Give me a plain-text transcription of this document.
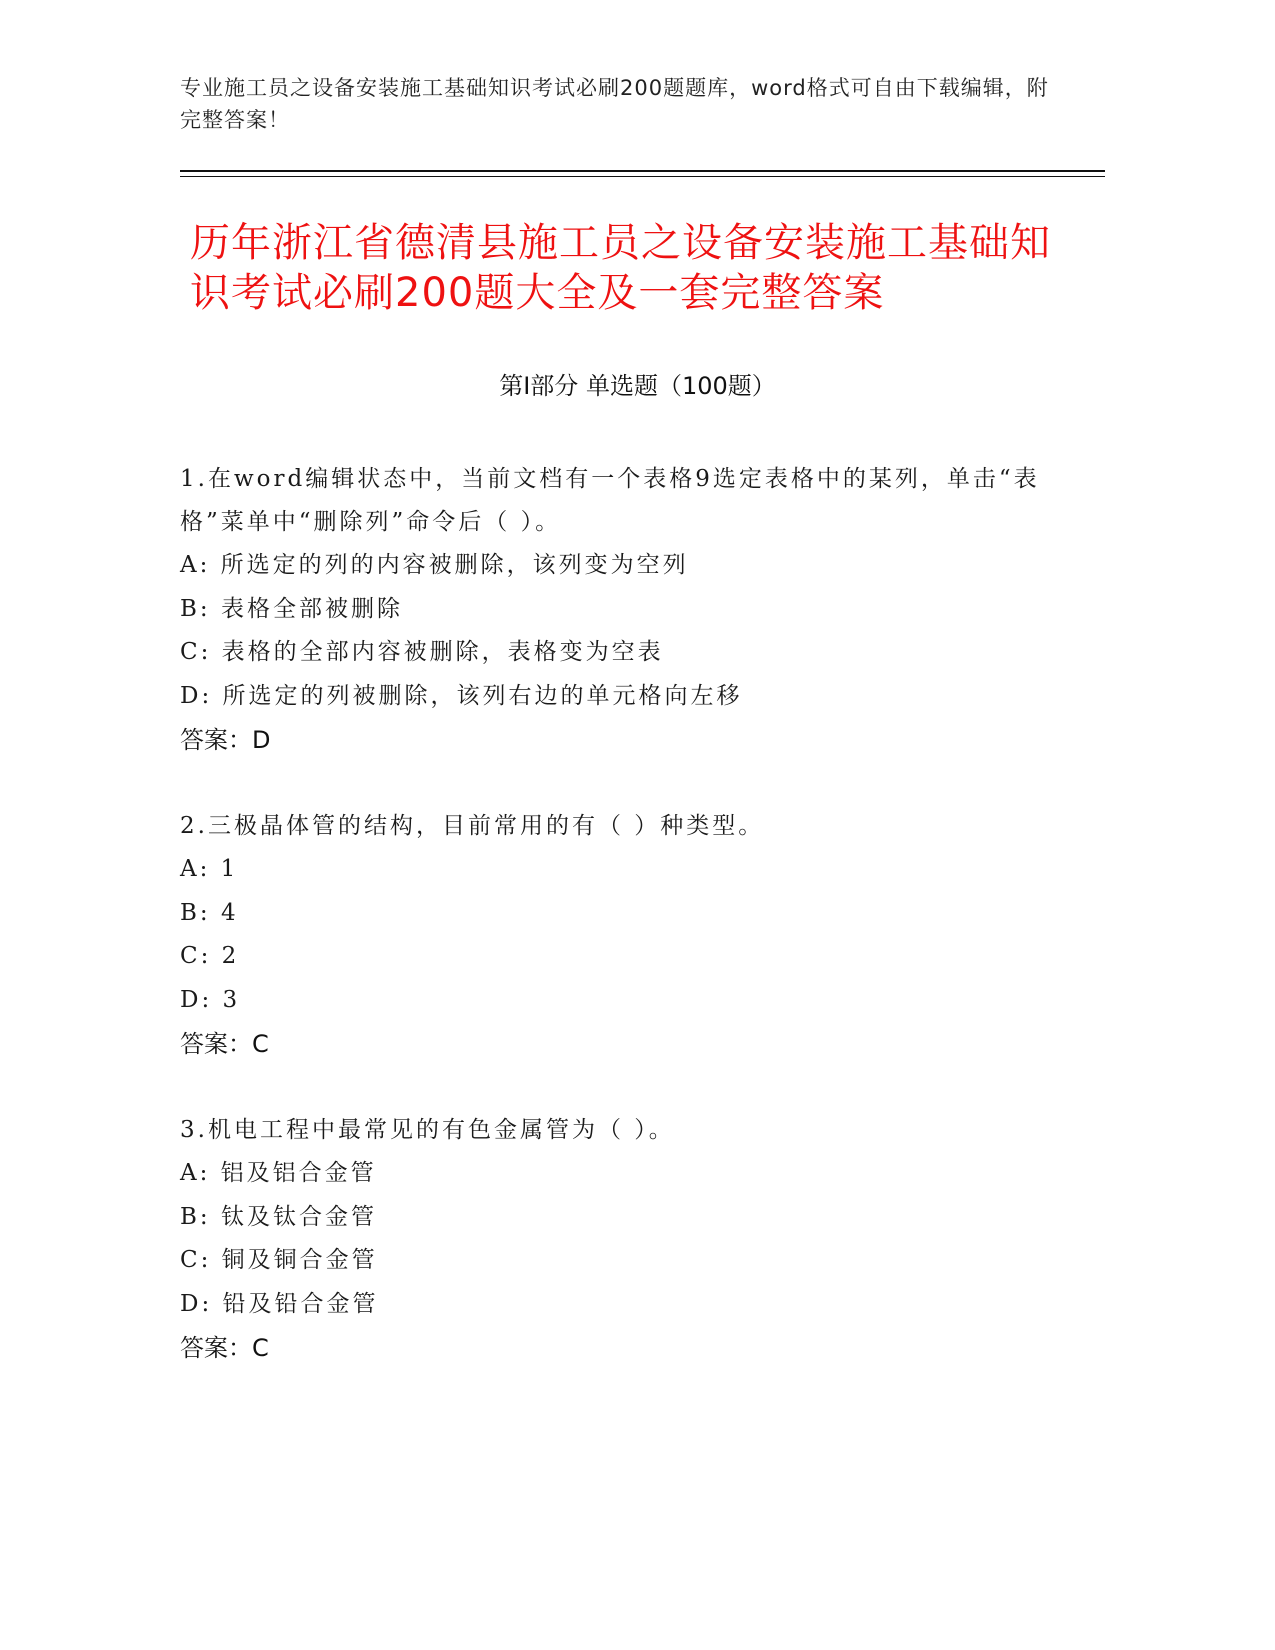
专业施工员之设备安装施工基础知识考试必刷200题题库，word格式可自由下载编辑，附完整答案！
历年浙江省德清县施工员之设备安装施工基础知识考试必刷200题大全及一套完整答案
第Ⅰ部分 单选题（100题）
1.在word编辑状态中，当前文档有一个表格9选定表格中的某列，单击“表格”菜单中“删除列”命令后（ ）。
A: 所选定的列的内容被删除，该列变为空列
B: 表格全部被删除
C: 表格的全部内容被删除，表格变为空表
D: 所选定的列被删除，该列右边的单元格向左移
答案：D
2.三极晶体管的结构，目前常用的有（ ）种类型。
A: 1
B: 4
C: 2
D: 3
答案：C
3.机电工程中最常见的有色金属管为（ ）。
A: 铝及铝合金管
B: 钛及钛合金管
C: 铜及铜合金管
D: 铅及铅合金管
答案：C
